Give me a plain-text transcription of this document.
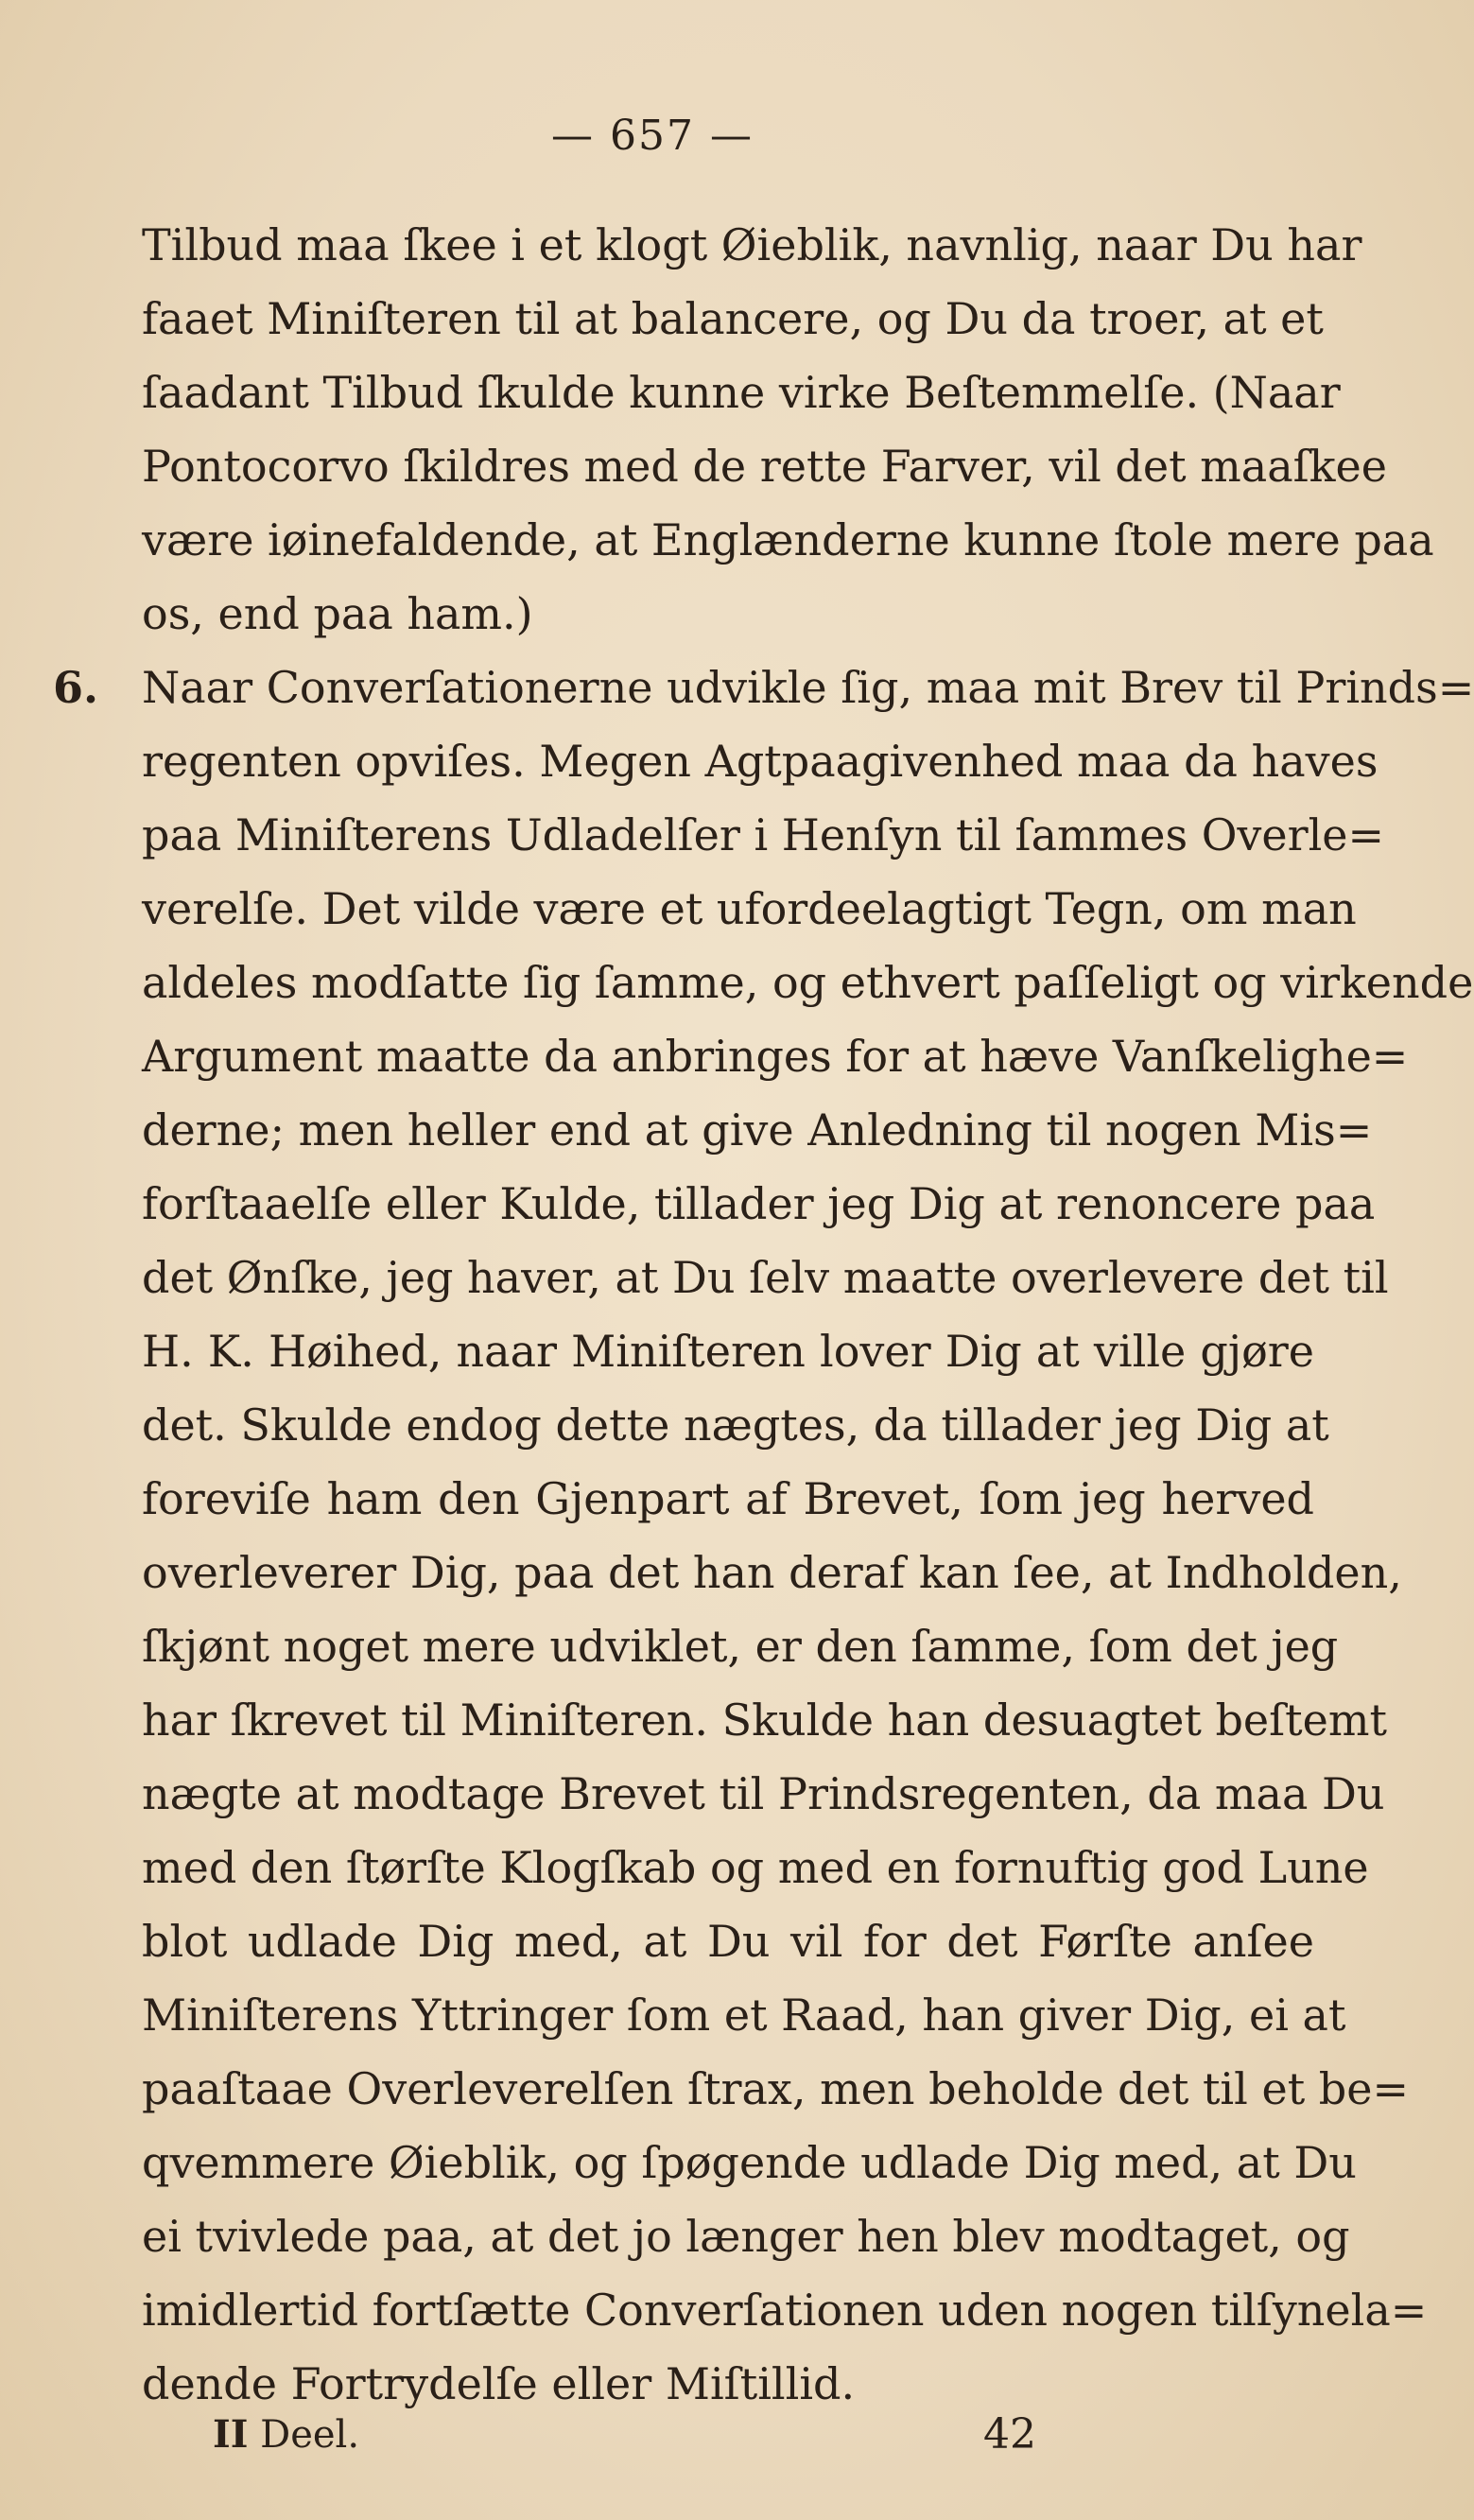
— 657 —
6.
Tilbud maa ſkee i et klogt Øieblik, navnlig, naar Du har
faaet Miniſteren til at balancere, og Du da troer, at et
ſaadant Tilbud ſkulde kunne virke Beſtemmelſe. (Naar
Pontocorvo ſkildres med de rette Farver, vil det maaſkee
være iøinefaldende, at Englænderne kunne ſtole mere paa
os, end paa ham.)
Naar Converſationerne udvikle ſig, maa mit Brev til Prinds=
regenten opviſes. Megen Agtpaagivenhed maa da haves
paa Miniſterens Udladelſer i Henſyn til ſammes Overle=
verelſe. Det vilde være et ufordeelagtigt Tegn, om man
aldeles modſatte ſig ſamme, og ethvert paſſeligt og virkende
Argument maatte da anbringes for at hæve Vanſkelighe=
derne; men heller end at give Anledning til nogen Mis=
forſtaaelſe eller Kulde, tillader jeg Dig at renoncere paa
det Ønſke, jeg haver, at Du ſelv maatte overlevere det til
H. K. Høihed, naar Miniſteren lover Dig at ville gjøre
det. Skulde endog dette nægtes, da tillader jeg Dig at
foreviſe ham den Gjenpart af Brevet, ſom jeg herved
overleverer Dig, paa det han deraf kan ſee, at Indholden,
ſkjønt noget mere udviklet, er den ſamme, ſom det jeg
har ſkrevet til Miniſteren. Skulde han desuagtet beſtemt
nægte at modtage Brevet til Prindsregenten, da maa Du
med den ſtørſte Klogſkab og med en fornuftig god Lune
blot udlade Dig med, at Du vil for det Førſte anſee
Miniſterens Yttringer ſom et Raad, han giver Dig, ei at
paaſtaae Overleverelſen ſtrax, men beholde det til et be=
qvemmere Øieblik, og ſpøgende udlade Dig med, at Du
ei tvivlede paa, at det jo længer hen blev modtaget, og
imidlertid fortſætte Converſationen uden nogen tilſynela=
dende Fortrydelſe eller Miſtillid.
II Deel.	42
